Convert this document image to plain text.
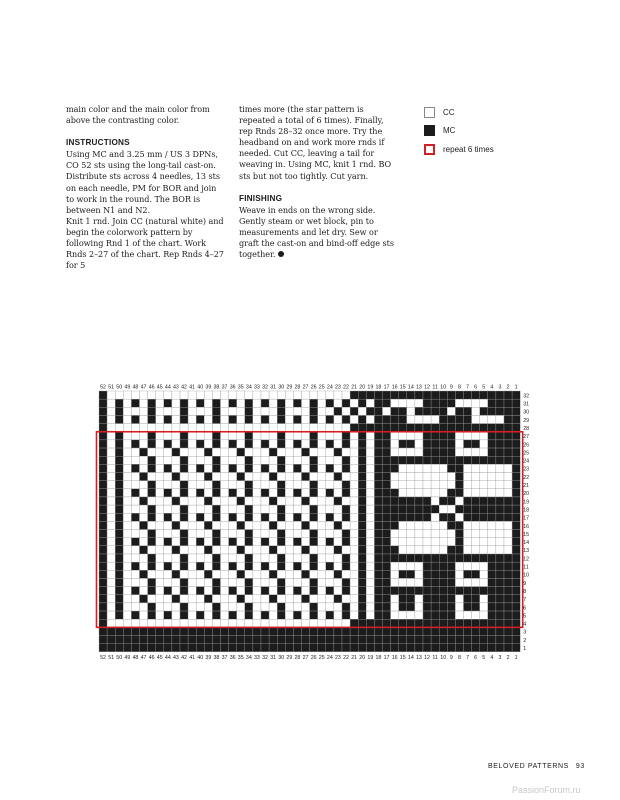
main color and the main color from above the contrasting color.

INSTRUCTIONS

Using MC and 3.25 mm / US 3 DPNs, CO 52 sts using the long-tail cast-on. Distribute sts across 4 needles, 13 sts on each needle, PM for BOR and join to work in the round. The BOR is between N1 and N2.

Knit 1 rnd. Join CC (natural white) and begin the colorwork pattern by following Rnd 1 of the chart. Work Rnds 2–27 of the chart. Rep Rnds 4–27 for 5

times more (the star pattern is repeated a total of 6 times). Finally, rep Rnds 28–32 once more. Try the headband on and work more rnds if needed. Cut CC, leaving a tail for weaving in. Using MC, knit 1 rnd. BO sts but not too tightly. Cut yarn.

FINISHING

Weave in ends on the wrong side. Gently steam or wet block, pin to measurements and let dry. Sew or graft the cast-on and bind-off edge sts together.

CC
MC
repeat 6 times
52
52
51
51
50
50
49
49
48
48
47
47
46
46
45
45
44
44
43
43
42
42
41
41
40
40
39
39
38
38
37
37
36
36
35
35
34
34
33
33
32
32
31
31
30
30
29
29
28
28
27
27
26
26
25
25
24
24
23
23
22
22
21
21
20
20
19
19
18
18
17
17
16
16
15
15
14
14
13
13
12
12
11
11
10
10
9
9
8
8
7
7
6
6
5
5
4
4
3
3
2
2
1
1
32
31
30
29
28
27
26
25
24
23
22
21
20
19
18
17
16
15
14
13
12
11
10
9
8
7
6
5
4
3
2
1
BELOVED PATTERNS 93
PassionForum.ru
